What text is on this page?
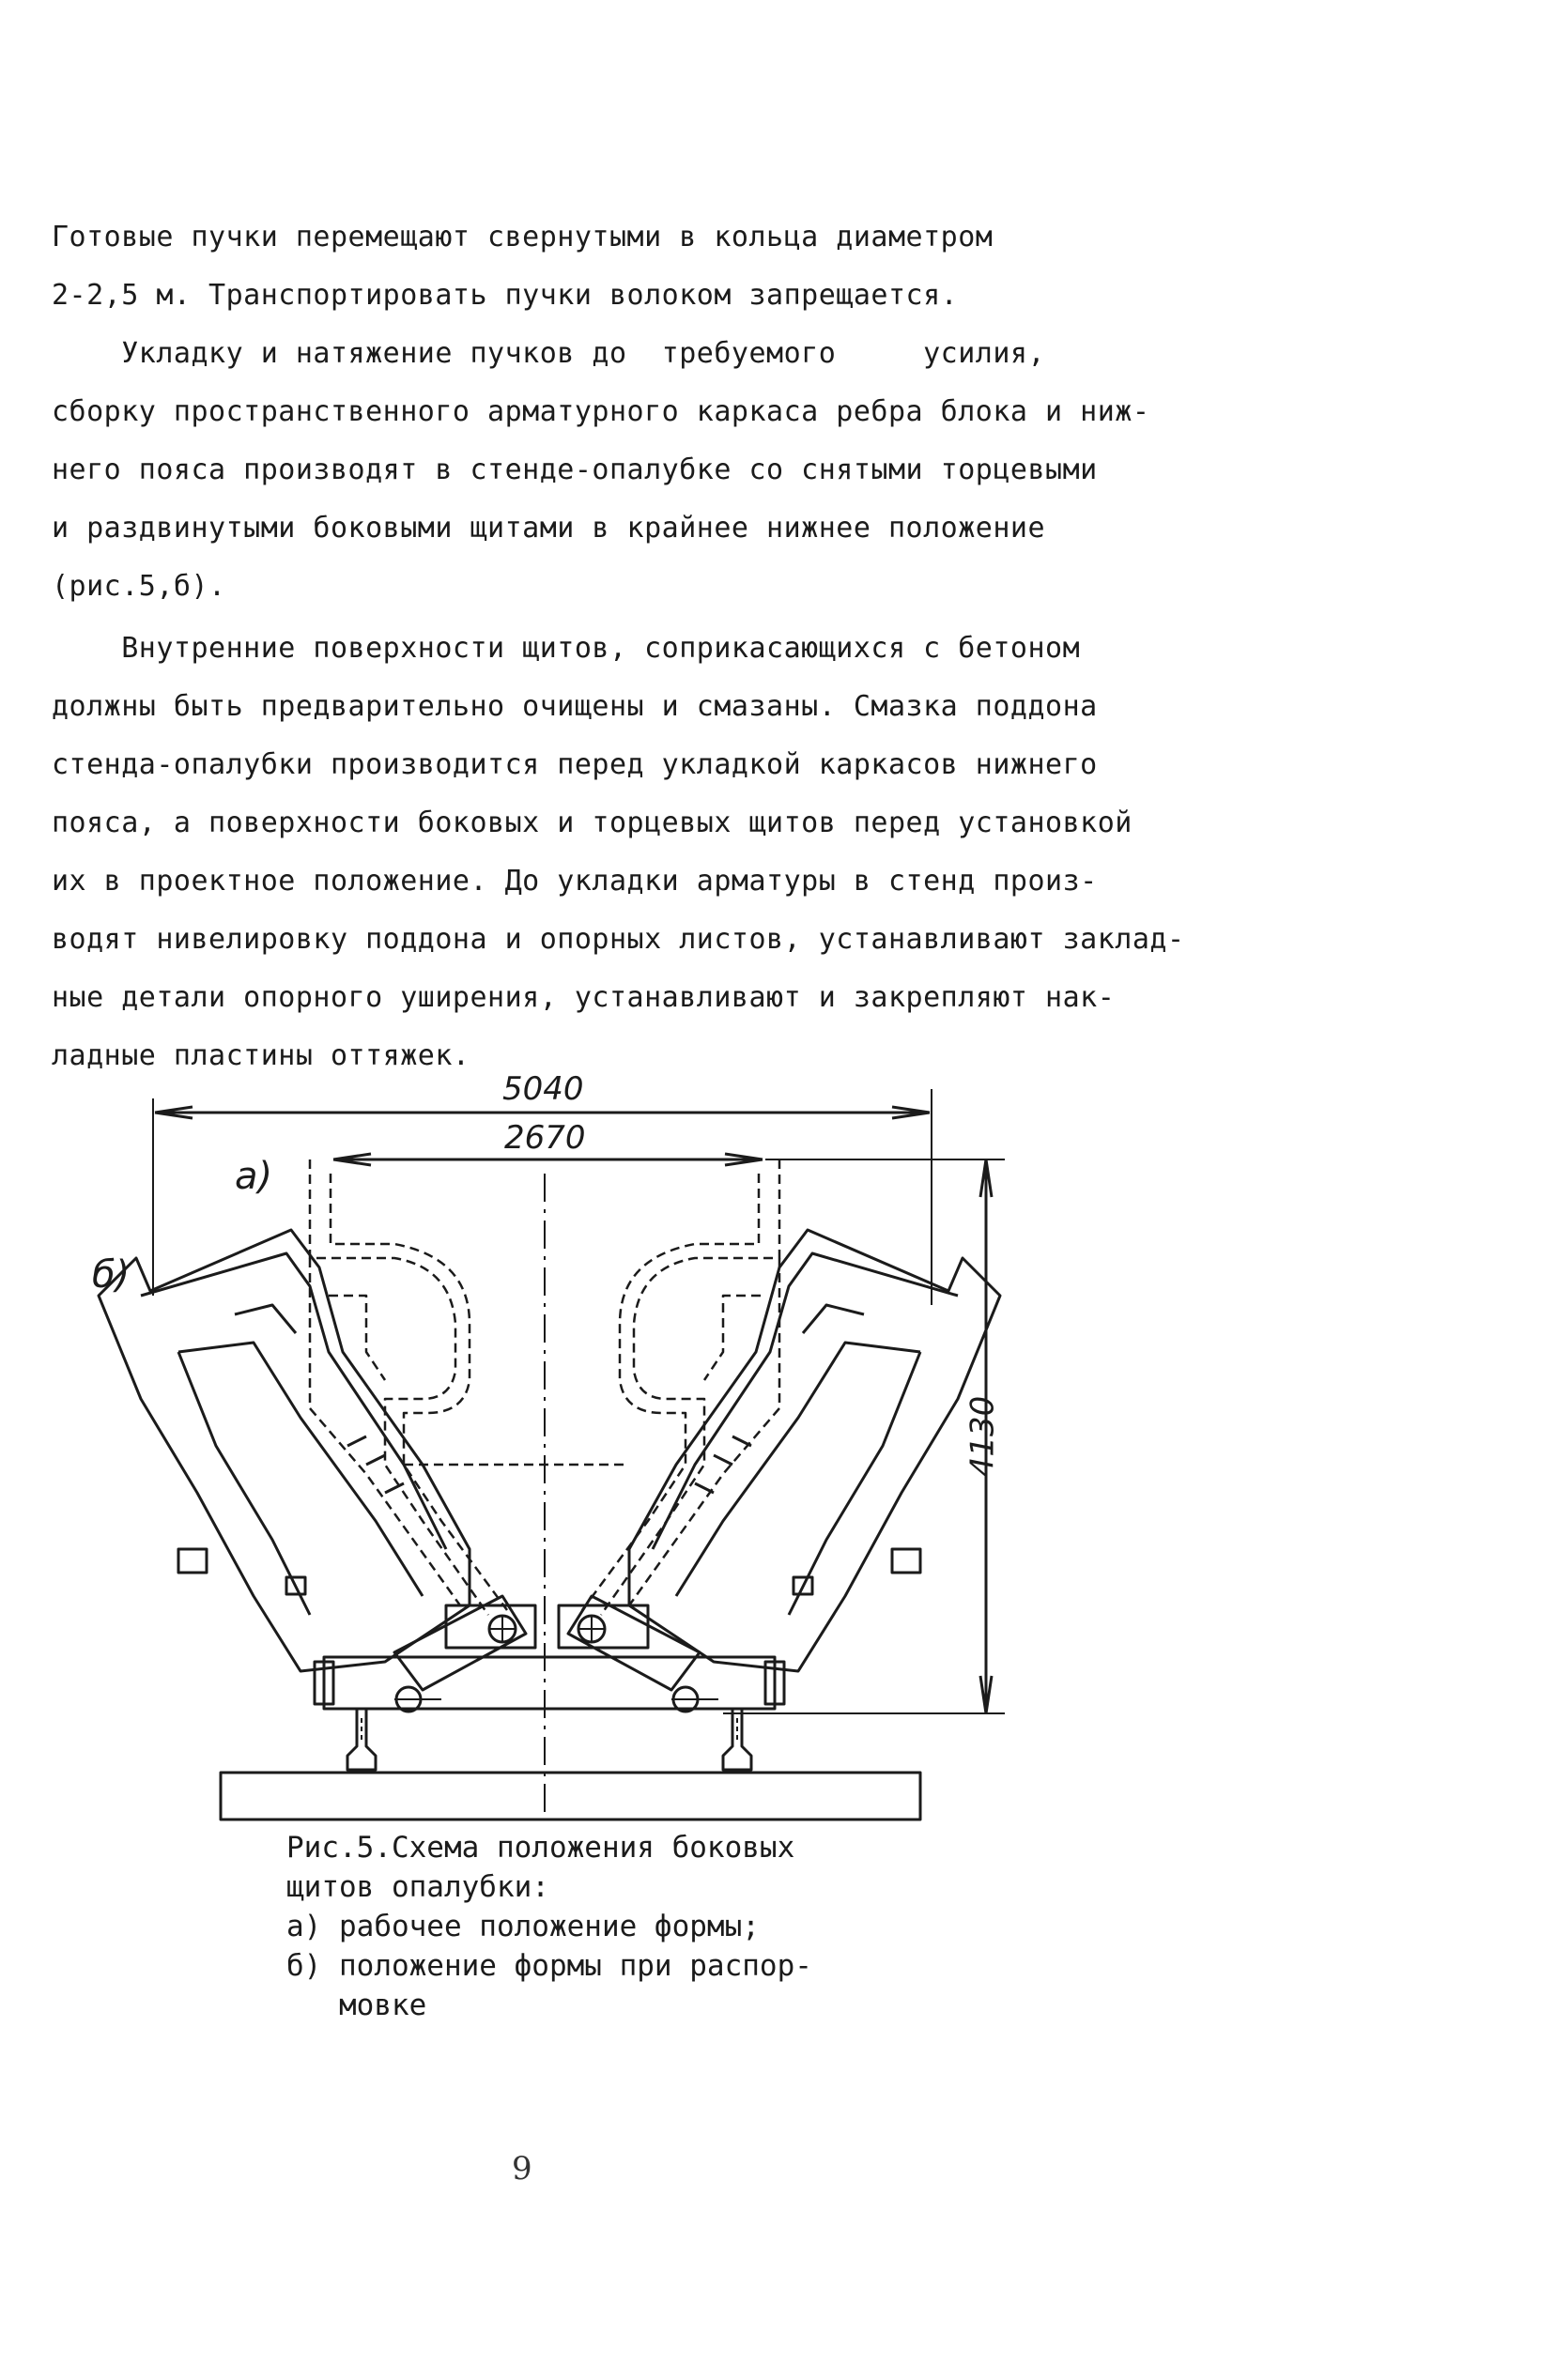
Готовые пучки перемещают свернутыми в кольца диаметром
2-2,5 м. Транспортировать пучки волоком запрещается.
Укладку и натяжение пучков до  требуемого     усилия,
сборку пространственного арматурного каркаса ребра блока и ниж-
него пояса производят в стенде-опалубке со снятыми торцевыми
и раздвинутыми боковыми щитами в крайнее нижнее положение
(рис.5,б).
Внутренние поверхности щитов, соприкасающихся с бетоном
должны быть предварительно очищены и смазаны. Смазка поддона
стенда-опалубки производится перед укладкой каркасов нижнего
пояса, а поверхности боковых и торцевых щитов перед установкой
их в проектное положение. До укладки арматуры в стенд произ-
водят нивелировку поддона и опорных листов, устанавливают заклад-
ные детали опорного уширения, устанавливают и закрепляют нак-
ладные пластины оттяжек.
5040
2670
4130
а)
б)
Рис.5.Схема положения боковых
щитов опалубки:
а) рабочее положение формы;
б) положение формы при распор-
мовке
9
